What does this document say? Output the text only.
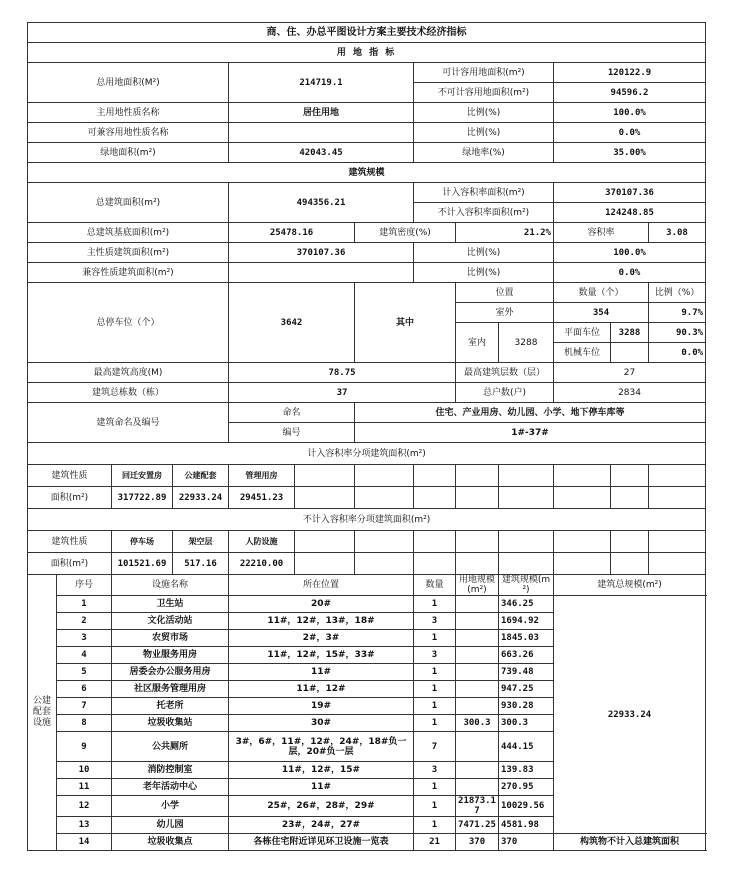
商、住、办总平图设计方案主要技术经济指标												
用 地 指 标												
总用地面积(M²)				214719.1			可计容用地面积(m²)			120122.9		
							不可计容用地面积(m²)			94596.2		
主用地性质名称				居住用地			比例(%)			100.0%		
可兼容用地性质名称							比例(%)			0.0%		
绿地面积(m²)				42043.45			绿地率(%)			35.00%		
建筑规模												
总建筑面积(m²)				494356.21			计入容积率面积(m²)			370107.36		
							不计入容积率面积(m²)			124248.85		
总建筑基底面积(m²)				25478.16		建筑密度(%)		21.2%		容积率		3.08
主性质建筑面积(m²)				370107.36			比例(%)			100.0%		
兼容性质建筑面积(m²)							比例(%)			0.0%		
总停车位（个）				3642		其中		位置		数量（个）		比例（%）
								室外		354		9.7%
								室内	3288	平面车位	3288	90.3%
										机械车位		0.0%
最高建筑高度(M)				78.75				最高建筑层数（层）		27		
建筑总栋数（栋）				37				总户数(户)		2834		
建筑命名及编号				命名		住宅、产业用房、幼儿园、小学、地下停车库等						
				编号		1#-37#						
计入容积率分项建筑面积(m²)												
建筑性质		回迁安置房	公建配套	管理用房								
面积(m²)		317722.89	22933.24	29451.23								
不计入容积率分项建筑面积(m²)												
建筑性质		停车场	架空层	人防设施								
面积(m²)		101521.69	517.16	22210.00								
公建配套设施	序号	设施名称		所在位置			数量	用地规模(m²)	建筑规模(m²)	建筑总规模(m²)		
	1	卫生站		20#			1		346.25	22933.24		
	2	文化活动站		11#，12#，13#，18#			3		1694.92			
	3	农贸市场		2#，3#			1		1845.03			
	4	物业服务用房		11#，12#，15#，33#			3		663.26			
	5	居委会办公服务用房		11#			1		739.48			
	6	社区服务管理用房		11#，12#			1		947.25			
	7	托老所		19#			1		930.28			
	8	垃圾收集站		30#			1	300.3	300.3			
	9	公共厕所		3#，6#，11#，12#，24#，18#负一层，20#负一层			7		444.15			
	10	消防控制室		11#，12#，15#			3		139.83			
	11	老年活动中心		11#			1		270.95			
	12	小学		25#，26#，28#，29#			1	21873.17	10029.56			
	13	幼儿园		23#，24#，27#			1	7471.25	4581.98			
	14	垃圾收集点		各栋住宅附近详见环卫设施一览表			21	370	370	构筑物不计入总建筑面积		
